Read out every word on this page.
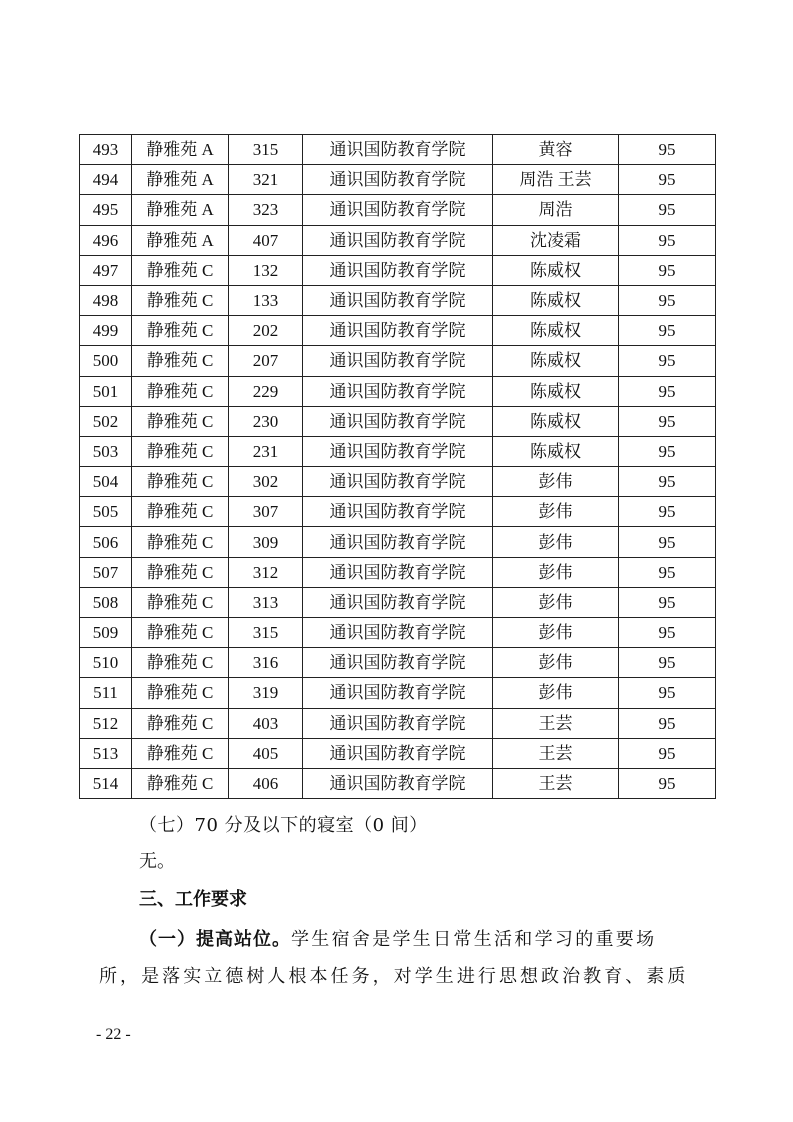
493	静雅苑 A	315	通识国防教育学院	黄容	95
494	静雅苑 A	321	通识国防教育学院	周浩 王芸	95
495	静雅苑 A	323	通识国防教育学院	周浩	95
496	静雅苑 A	407	通识国防教育学院	沈凌霜	95
497	静雅苑 C	132	通识国防教育学院	陈威权	95
498	静雅苑 C	133	通识国防教育学院	陈威权	95
499	静雅苑 C	202	通识国防教育学院	陈威权	95
500	静雅苑 C	207	通识国防教育学院	陈威权	95
501	静雅苑 C	229	通识国防教育学院	陈威权	95
502	静雅苑 C	230	通识国防教育学院	陈威权	95
503	静雅苑 C	231	通识国防教育学院	陈威权	95
504	静雅苑 C	302	通识国防教育学院	彭伟	95
505	静雅苑 C	307	通识国防教育学院	彭伟	95
506	静雅苑 C	309	通识国防教育学院	彭伟	95
507	静雅苑 C	312	通识国防教育学院	彭伟	95
508	静雅苑 C	313	通识国防教育学院	彭伟	95
509	静雅苑 C	315	通识国防教育学院	彭伟	95
510	静雅苑 C	316	通识国防教育学院	彭伟	95
511	静雅苑 C	319	通识国防教育学院	彭伟	95
512	静雅苑 C	403	通识国防教育学院	王芸	95
513	静雅苑 C	405	通识国防教育学院	王芸	95
514	静雅苑 C	406	通识国防教育学院	王芸	95
（七）70 分及以下的寝室（0 间）
无。
三、工作要求
（一）提高站位。学生宿舍是学生日常生活和学习的重要场
所，是落实立德树人根本任务，对学生进行思想政治教育、素质
- 22 -
